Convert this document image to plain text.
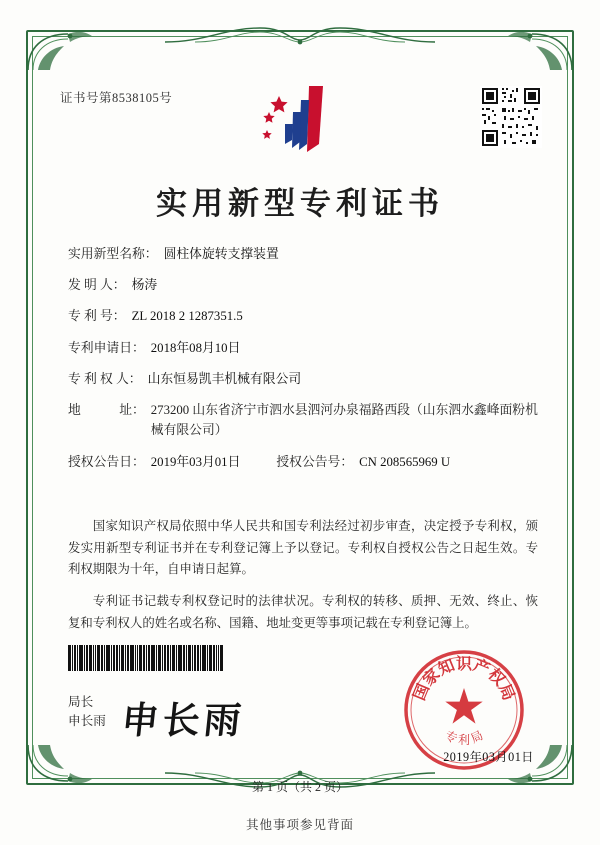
证书号第8538105号
实用新型专利证书
实用新型名称： 圆柱体旋转支撑装置
发 明 人： 杨涛
专 利 号： ZL 2018 2 1287351.5
专利申请日： 2018年08月10日
专 利 权 人： 山东恒易凯丰机械有限公司
地　　　址： 273200 山东省济宁市泗水县泗河办泉福路西段（山东泗水鑫峰面粉机械有限公司）
授权公告日： 2019年03月01日	授权公告号： CN 208565969 U

国家知识产权局依照中华人民共和国专利法经过初步审查，决定授予专利权，颁发实用新型专利证书并在专利登记簿上予以登记。专利权自授权公告之日起生效。专利权期限为十年，自申请日起算。

专利证书记载专利权登记时的法律状况。专利权的转移、质押、无效、终止、恢复和专利权人的姓名或名称、国籍、地址变更等事项记载在专利登记簿上。

局长
申长雨 申长雨
国家知识产权局
专 利 局
2019年03月01日
第 1 页（共 2 页）
其他事项参见背面
